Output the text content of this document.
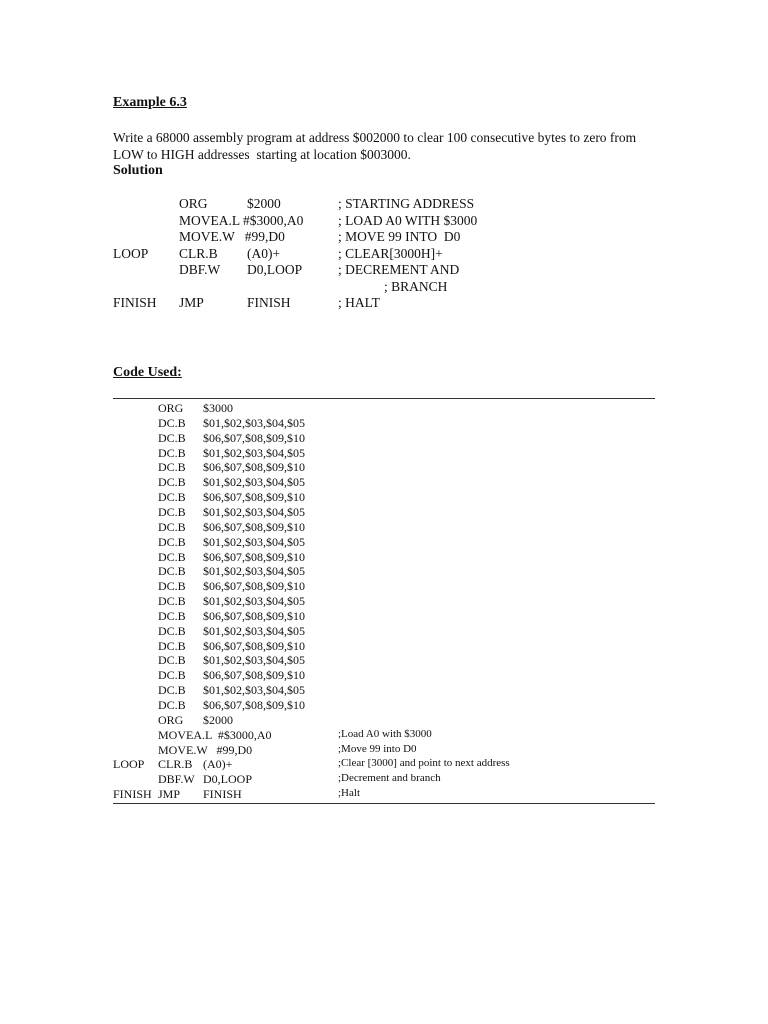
Example 6.3
Write a 68000 assembly program at address $002000 to clear 100 consecutive bytes to zero from
LOW to HIGH addresses  starting at location $003000.
Solution
ORG	$2000	; STARTING ADDRESS
MOVEA.L #$3000,A0	; LOAD A0 WITH $3000
MOVE.W   #99,D0	; MOVE 99 INTO  D0
LOOP CLR.B (A0)+	; CLEAR[3000H]+
DBF.W D0,LOOP	; DECREMENT AND
; BRANCH
FINISH JMP	FINISH	; HALT
Code Used:
ORG $3000
DC.B $01,$02,$03,$04,$05
DC.B $06,$07,$08,$09,$10
DC.B $01,$02,$03,$04,$05
DC.B $06,$07,$08,$09,$10
DC.B $01,$02,$03,$04,$05
DC.B $06,$07,$08,$09,$10
DC.B $01,$02,$03,$04,$05
DC.B $06,$07,$08,$09,$10
DC.B $01,$02,$03,$04,$05
DC.B $06,$07,$08,$09,$10
DC.B $01,$02,$03,$04,$05
DC.B $06,$07,$08,$09,$10
DC.B $01,$02,$03,$04,$05
DC.B $06,$07,$08,$09,$10
DC.B $01,$02,$03,$04,$05
DC.B $06,$07,$08,$09,$10
DC.B $01,$02,$03,$04,$05
DC.B $06,$07,$08,$09,$10
DC.B $01,$02,$03,$04,$05
DC.B $06,$07,$08,$09,$10
ORG $2000
MOVEA.L  #$3000,A0	;Load A0 with $3000
MOVE.W   #99,D0	;Move 99 into D0
LOOP CLR.B (A0)+	;Clear [3000] and point to next address
DBF.W D0,LOOP	;Decrement and branch
FINISH JMP FINISH	;Halt
